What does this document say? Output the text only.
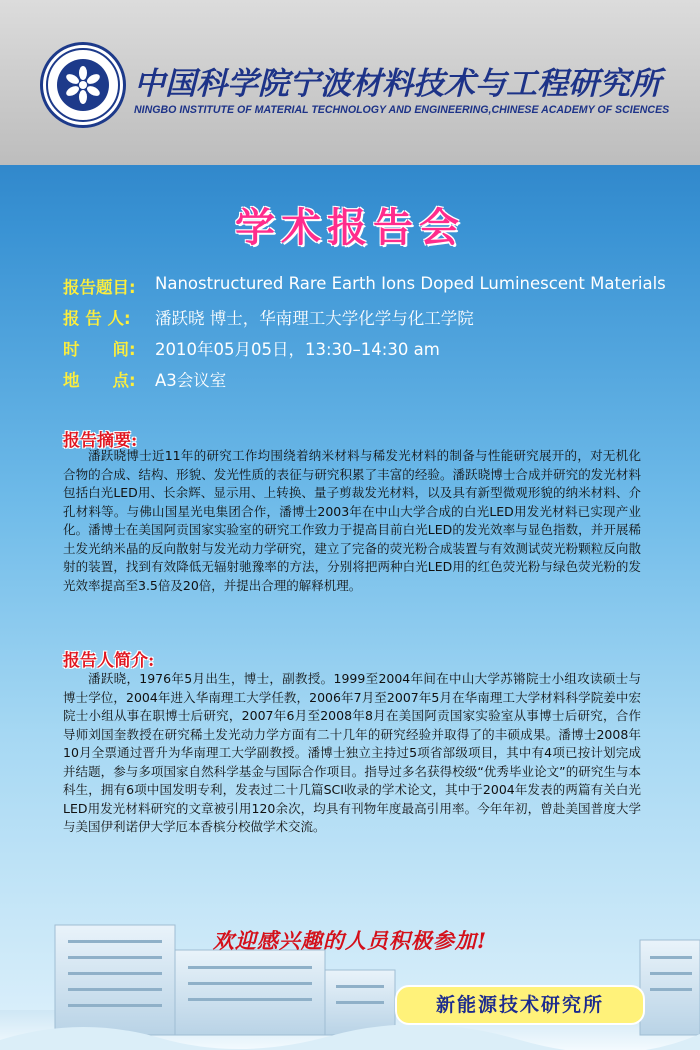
中国科学院宁波材料技术与工程研究所
NINGBO INSTITUTE OF MATERIAL TECHNOLOGY AND ENGINEERING,CHINESE ACADEMY OF SCIENCES
学术报告会
报告题目: Nanostructured Rare Earth Ions Doped Luminescent Materials
报 告 人: 潘跃晓 博士，华南理工大学化学与化工学院
时　　间: 2010年05月05日，13:30–14:30 am
地　　点: A3会议室
报告摘要:
潘跃晓博士近11年的研究工作均围绕着纳米材料与稀发光材料的制备与性能研究展开的，对无机化合物的合成、结构、形貌、发光性质的表征与研究积累了丰富的经验。潘跃晓博士合成并研究的发光材料包括白光LED用、长余辉、显示用、上转换、量子剪裁发光材料，以及具有新型微观形貌的纳米材料、介孔材料等。与佛山国星光电集团合作，潘博士2003年在中山大学合成的白光LED用发光材料已实现产业化。潘博士在美国阿贡国家实验室的研究工作致力于提高目前白光LED的发光效率与显色指数，并开展稀土发光纳米晶的反向散射与发光动力学研究，建立了完备的荧光粉合成装置与有效测试荧光粉颗粒反向散射的装置，找到有效降低无辐射驰豫率的方法，分别将把两种白光LED用的红色荧光粉与绿色荧光粉的发光效率提高至3.5倍及20倍，并提出合理的解释机理。
报告人简介:
潘跃晓，1976年5月出生，博士，副教授。1999至2004年间在中山大学苏锵院士小组攻读硕士与博士学位，2004年进入华南理工大学任教，2006年7月至2007年5月在华南理工大学材料科学院姜中宏院士小组从事在职博士后研究，2007年6月至2008年8月在美国阿贡国家实验室从事博士后研究，合作导师刘国奎教授在研究稀土发光动力学方面有二十几年的研究经验并取得了的丰硕成果。潘博士2008年10月全票通过晋升为华南理工大学副教授。潘博士独立主持过5项省部级项目，其中有4项已按计划完成并结题，参与多项国家自然科学基金与国际合作项目。指导过多名获得校级“优秀毕业论文”的研究生与本科生，拥有6项中国发明专利，发表过二十几篇SCI收录的学术论文，其中于2004年发表的两篇有关白光LED用发光材料研究的文章被引用120余次，均具有刊物年度最高引用率。今年年初，曾赴美国普度大学与美国伊利诺伊大学厄本香槟分校做学术交流。
欢迎感兴趣的人员积极参加!
新能源技术研究所
